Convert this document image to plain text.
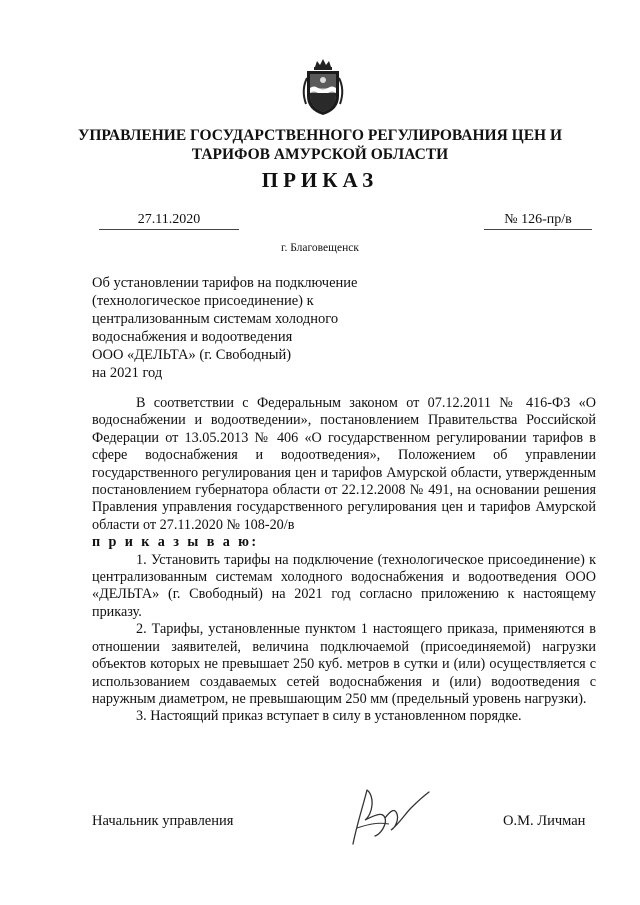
УПРАВЛЕНИЕ ГОСУДАРСТВЕННОГО РЕГУЛИРОВАНИЯ ЦЕН И
ТАРИФОВ АМУРСКОЙ ОБЛАСТИ
ПРИКАЗ
27.11.2020	№ 126-пр/в
г. Благовещенск
Об установлении тарифов на подключение
(технологическое присоединение) к
централизованным системам холодного
водоснабжения и водоотведения
ООО «ДЕЛЬТА» (г. Свободный)
на 2021 год

В соответствии с Федеральным законом от 07.12.2011 № 416-ФЗ «О водоснабжении и водоотведении», постановлением Правительства Российской Федерации от 13.05.2013 № 406 «О государственном регулировании тарифов в сфере водоснабжения и водоотведения», Положением об управлении государственного регулирования цен и тарифов Амурской области, утвержденным постановлением губернатора области от 22.12.2008 № 491, на основании решения Правления управления государственного регулирования цен и тарифов Амурской области от 27.11.2020 № 108-20/в

п р и к а з ы в а ю:

1. Установить тарифы на подключение (технологическое присоединение) к централизованным системам холодного водоснабжения и водоотведения ООО «ДЕЛЬТА» (г. Свободный) на 2021 год согласно приложению к настоящему приказу.

2. Тарифы, установленные пунктом 1 настоящего приказа, применяются в отношении заявителей, величина подключаемой (присоединяемой) нагрузки объектов которых не превышает 250 куб. метров в сутки и (или) осуществляется с использованием создаваемых сетей водоснабжения и (или) водоотведения с наружным диаметром, не превышающим 250 мм (предельный уровень нагрузки).

3. Настоящий приказ вступает в силу в установленном порядке.

Начальник управления	О.М. Личман
